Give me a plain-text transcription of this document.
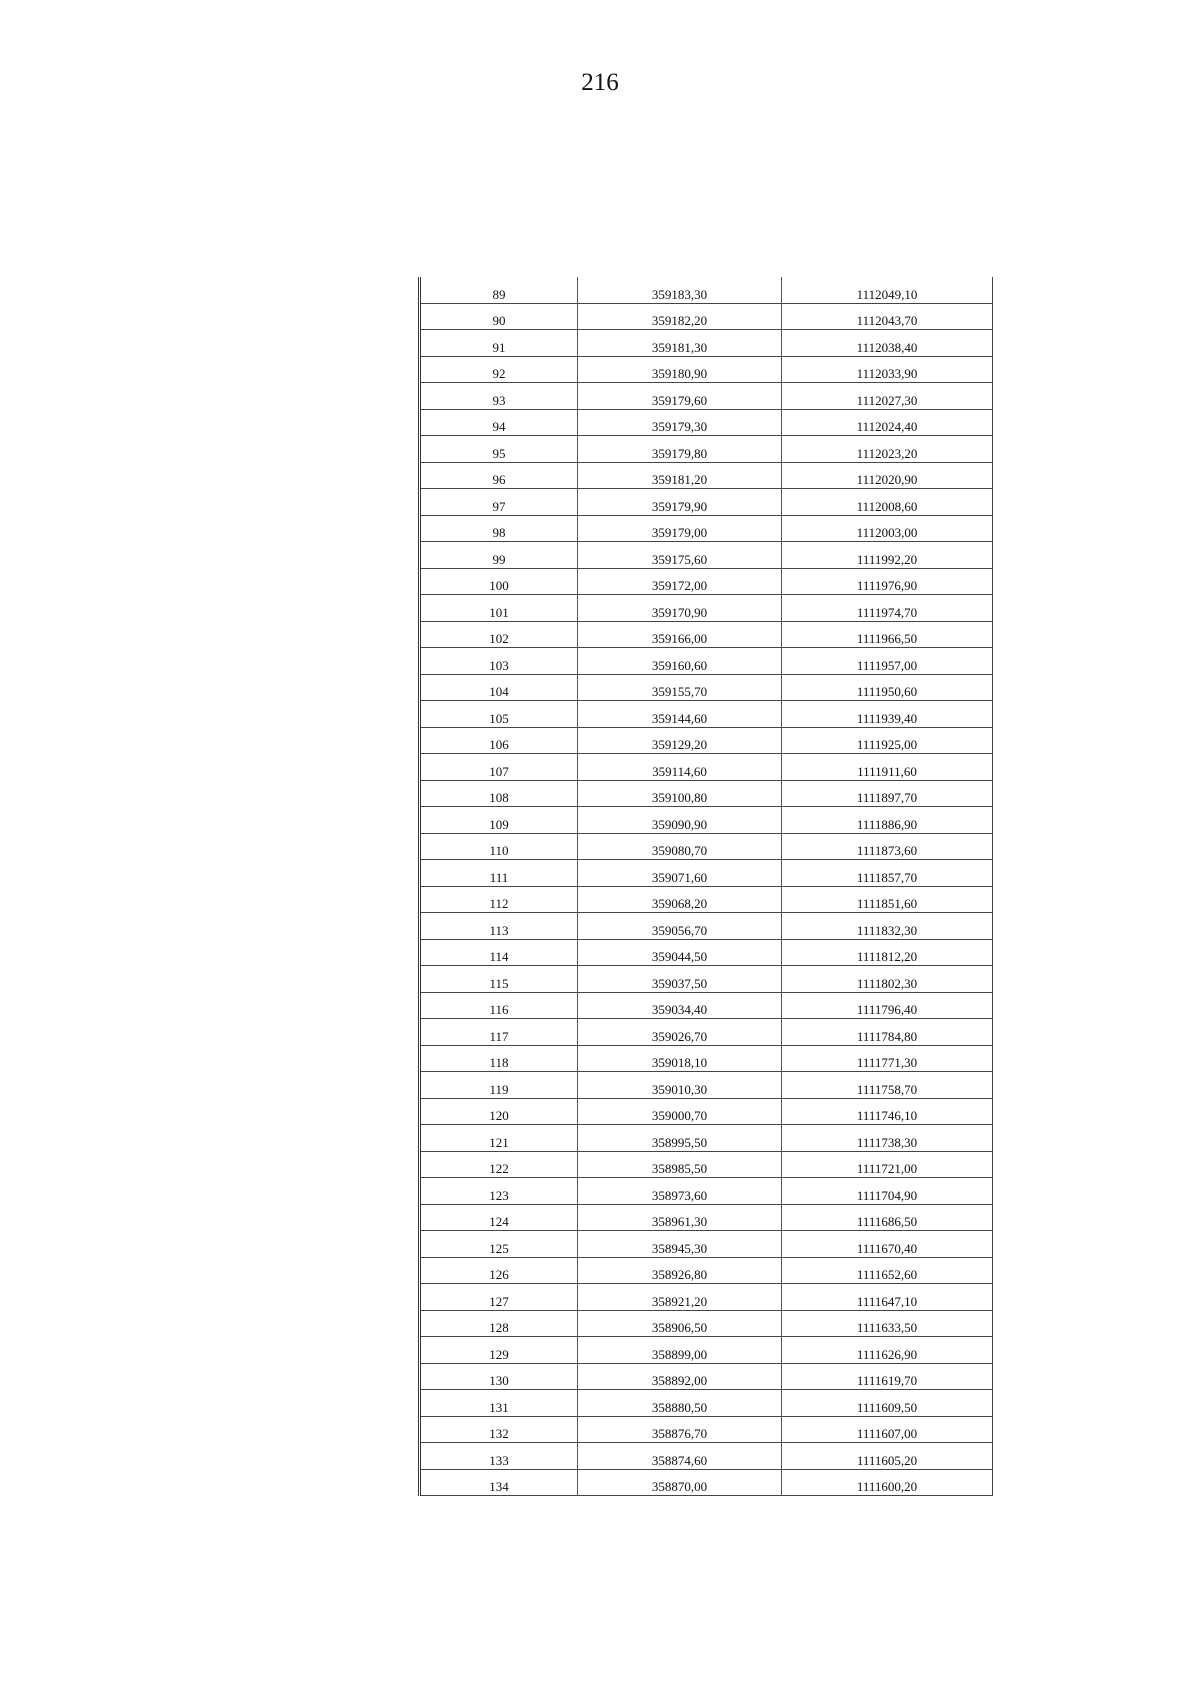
216
89	359183,30	1112049,10
90	359182,20	1112043,70
91	359181,30	1112038,40
92	359180,90	1112033,90
93	359179,60	1112027,30
94	359179,30	1112024,40
95	359179,80	1112023,20
96	359181,20	1112020,90
97	359179,90	1112008,60
98	359179,00	1112003,00
99	359175,60	1111992,20
100	359172,00	1111976,90
101	359170,90	1111974,70
102	359166,00	1111966,50
103	359160,60	1111957,00
104	359155,70	1111950,60
105	359144,60	1111939,40
106	359129,20	1111925,00
107	359114,60	1111911,60
108	359100,80	1111897,70
109	359090,90	1111886,90
110	359080,70	1111873,60
111	359071,60	1111857,70
112	359068,20	1111851,60
113	359056,70	1111832,30
114	359044,50	1111812,20
115	359037,50	1111802,30
116	359034,40	1111796,40
117	359026,70	1111784,80
118	359018,10	1111771,30
119	359010,30	1111758,70
120	359000,70	1111746,10
121	358995,50	1111738,30
122	358985,50	1111721,00
123	358973,60	1111704,90
124	358961,30	1111686,50
125	358945,30	1111670,40
126	358926,80	1111652,60
127	358921,20	1111647,10
128	358906,50	1111633,50
129	358899,00	1111626,90
130	358892,00	1111619,70
131	358880,50	1111609,50
132	358876,70	1111607,00
133	358874,60	1111605,20
134	358870,00	1111600,20
